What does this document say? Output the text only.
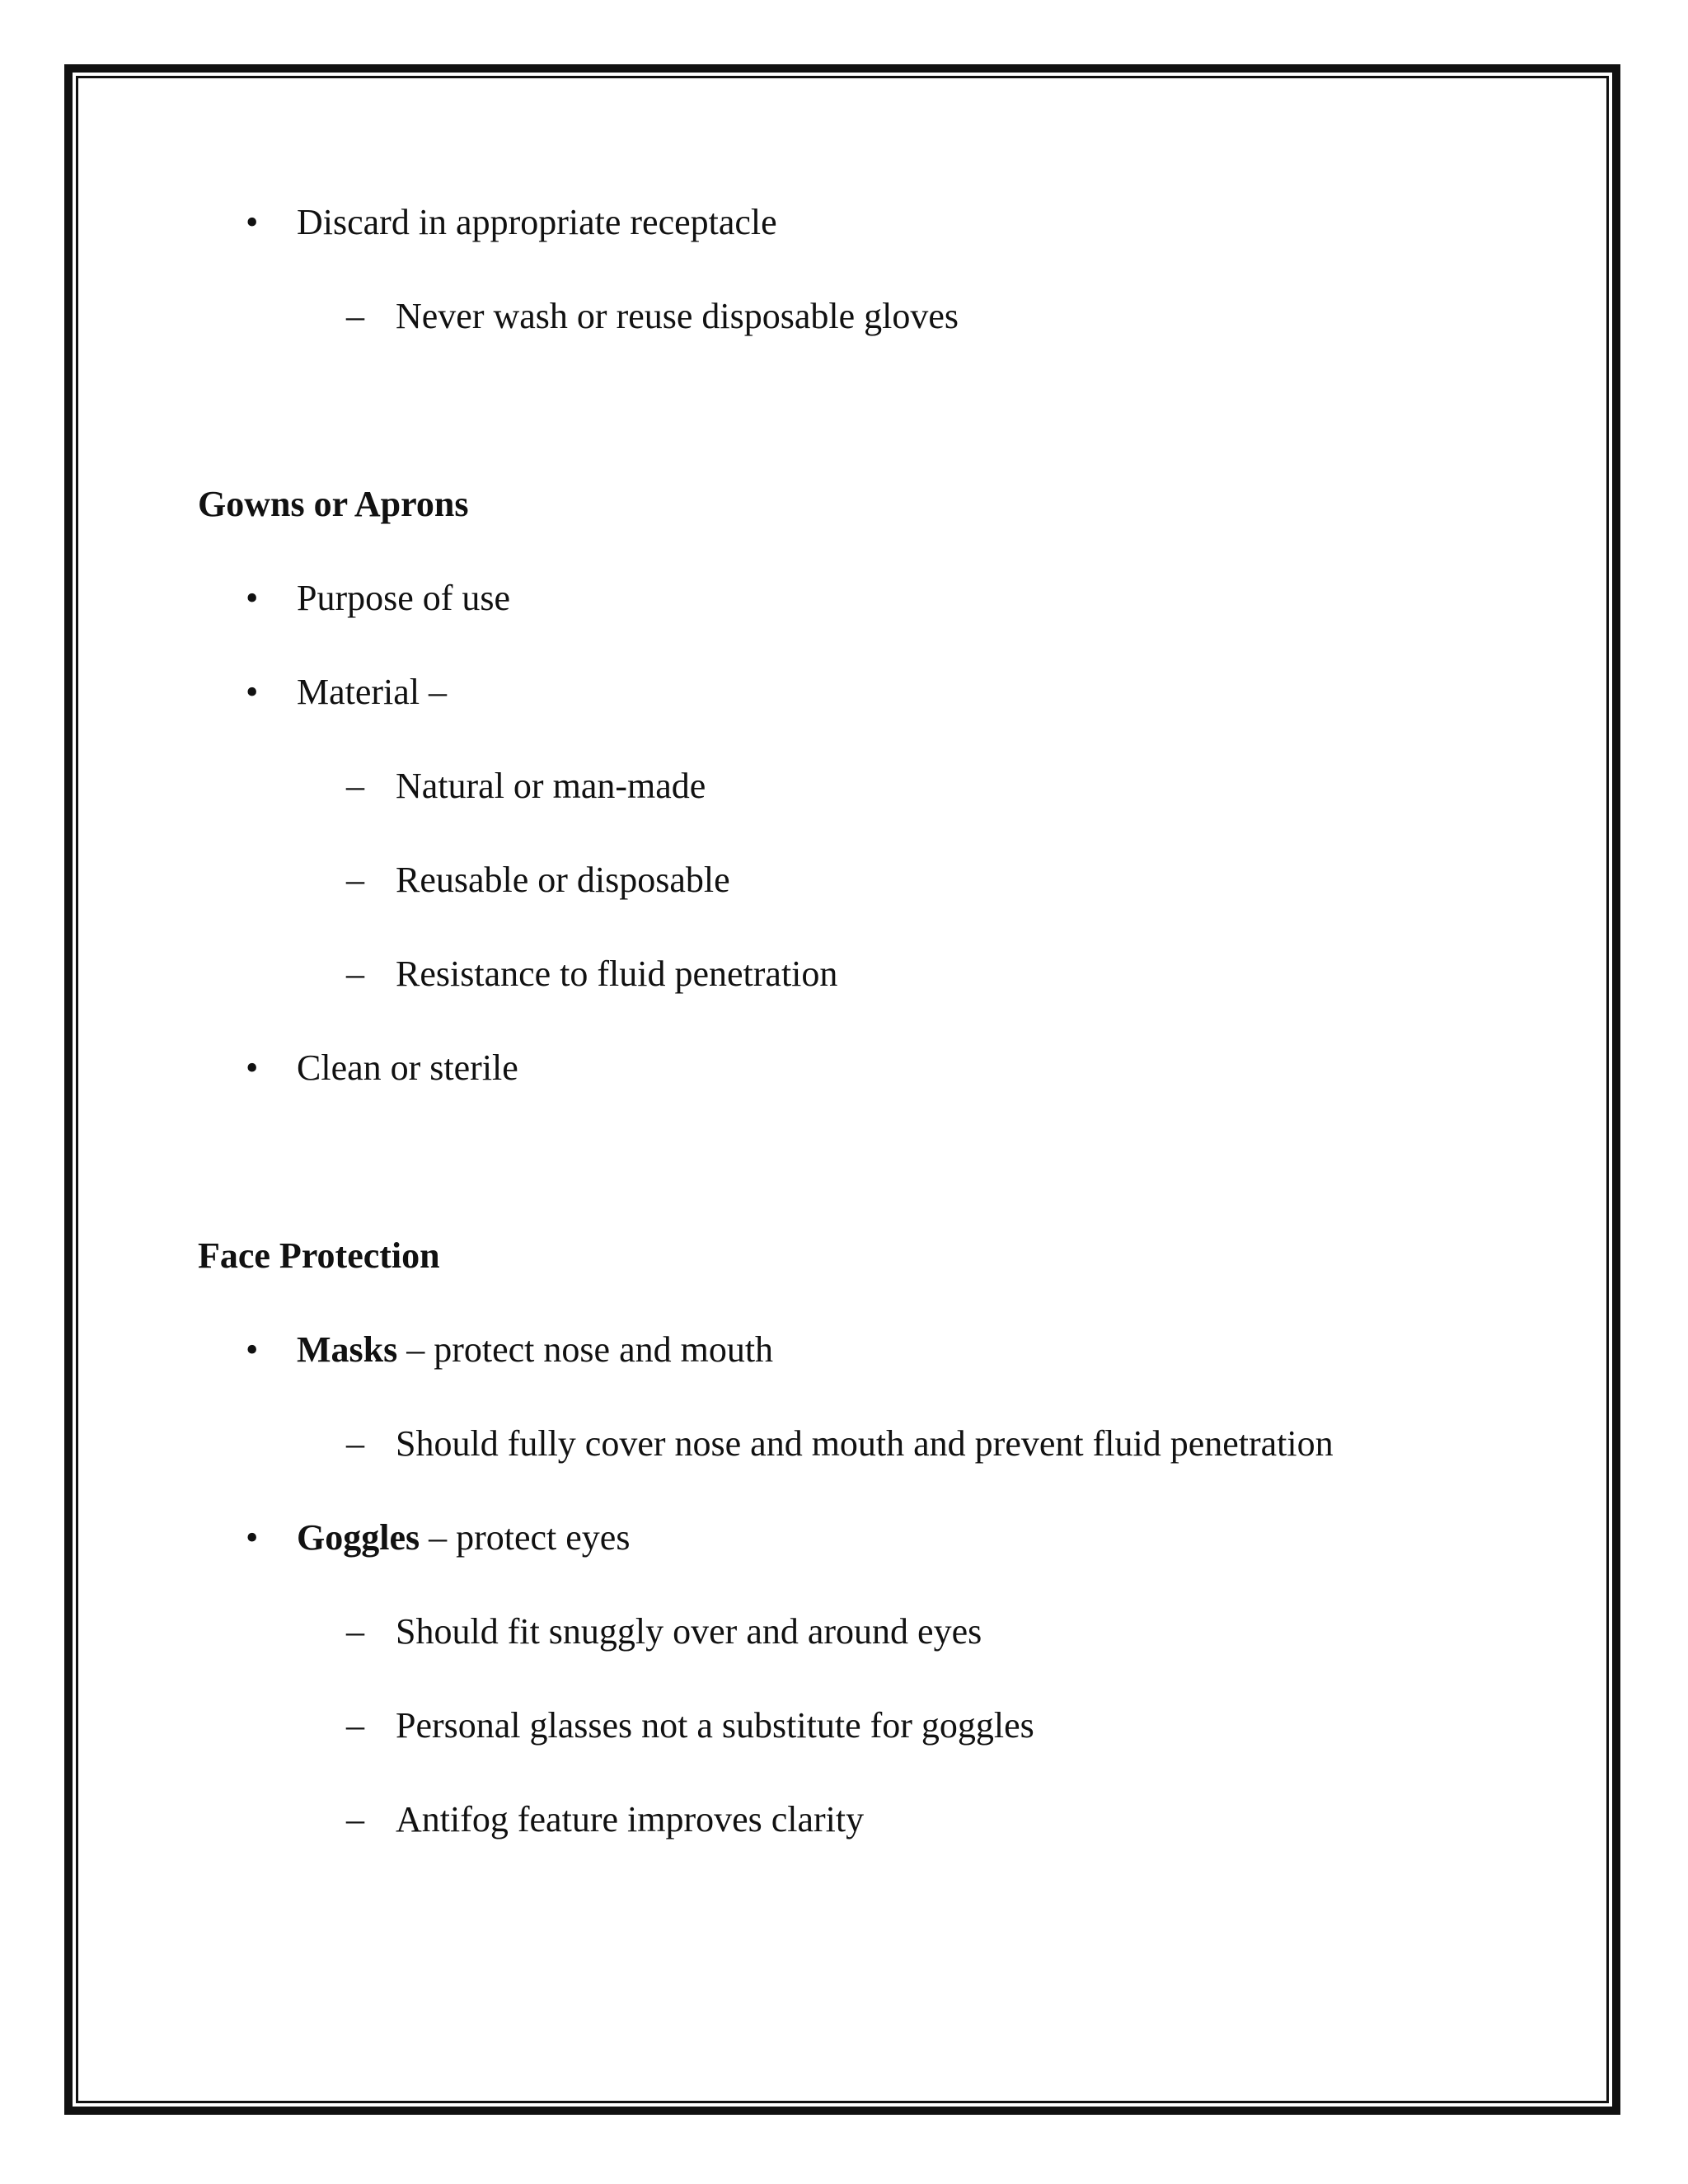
• Discard in appropriate receptacle
– Never wash or reuse disposable gloves
Gowns or Aprons
• Purpose of use
• Material –
– Natural or man-made
– Reusable or disposable
– Resistance to fluid penetration
• Clean or sterile
Face Protection
• Masks – protect nose and mouth
– Should fully cover nose and mouth and prevent fluid penetration
• Goggles – protect eyes
– Should fit snuggly over and around eyes
– Personal glasses not a substitute for goggles
– Antifog feature improves clarity
